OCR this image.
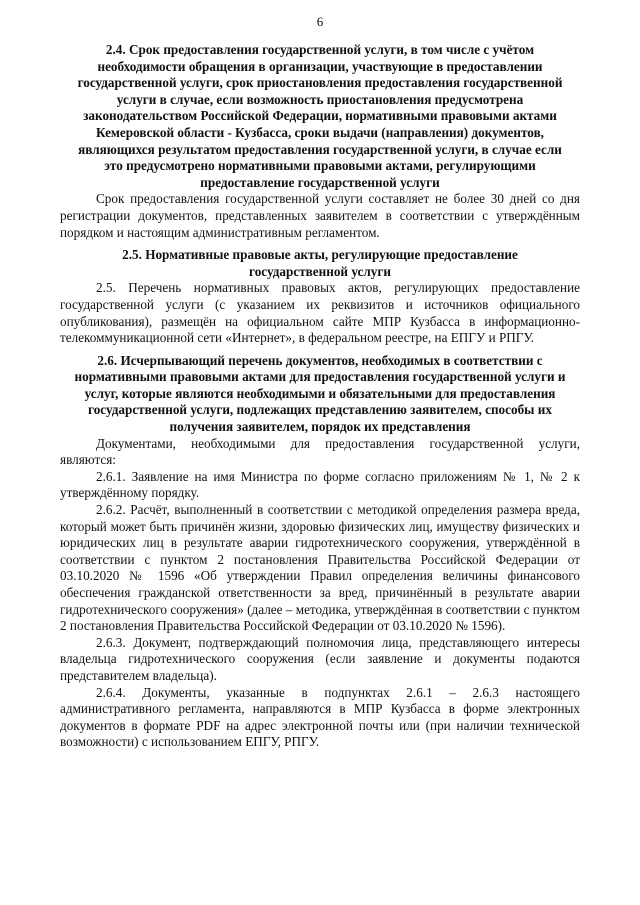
6

2.4. Срок предоставления государственной услуги, в том числе с учётом необходимости обращения в организации, участвующие в предоставлении государственной услуги, срок приостановления предоставления государственной услуги в случае, если возможность приостановления предусмотрена законодательством Российской Федерации, нормативными правовыми актами Кемеровской области - Кузбасса, сроки выдачи (направления) документов, являющихся результатом предоставления государственной услуги, в случае если это предусмотрено нормативными правовыми актами, регулирующими предоставление государственной услуги

Срок предоставления государственной услуги составляет не более 30 дней со дня регистрации документов, представленных заявителем в соответствии с утверждённым порядком и настоящим административным регламентом.

2.5. Нормативные правовые акты, регулирующие предоставление государственной услуги

2.5. Перечень нормативных правовых актов, регулирующих предоставление государственной услуги (с указанием их реквизитов и источников официального опубликования), размещён на официальном сайте МПР Кузбасса в информационно-телекоммуникационной сети «Интернет», в федеральном реестре, на ЕПГУ и РПГУ.

2.6. Исчерпывающий перечень документов, необходимых в соответствии с нормативными правовыми актами для предоставления государственной услуги и услуг, которые являются необходимыми и обязательными для предоставления государственной услуги, подлежащих представлению заявителем, способы их получения заявителем, порядок их представления

Документами, необходимыми для предоставления государственной услуги, являются:

2.6.1. Заявление на имя Министра по форме согласно приложениям № 1, № 2 к утверждённому порядку.

2.6.2. Расчёт, выполненный в соответствии с методикой определения размера вреда, который может быть причинён жизни, здоровью физических лиц, имуществу физических и юридических лиц в результате аварии гидротехнического сооружения, утверждённой в соответствии с пунктом 2 постановления Правительства Российской Федерации от 03.10.2020 № 1596 «Об утверждении Правил определения величины финансового обеспечения гражданской ответственности за вред, причинённый в результате аварии гидротехнического сооружения» (далее – методика, утверждённая в соответствии с пунктом 2 постановления Правительства Российской Федерации от 03.10.2020 № 1596).

2.6.3. Документ, подтверждающий полномочия лица, представляющего интересы владельца гидротехнического сооружения (если заявление и документы подаются представителем владельца).

2.6.4. Документы, указанные в подпунктах 2.6.1 – 2.6.3 настоящего административного регламента, направляются в МПР Кузбасса в форме электронных документов в формате PDF на адрес электронной почты или (при наличии технической возможности) с использованием ЕПГУ, РПГУ.
